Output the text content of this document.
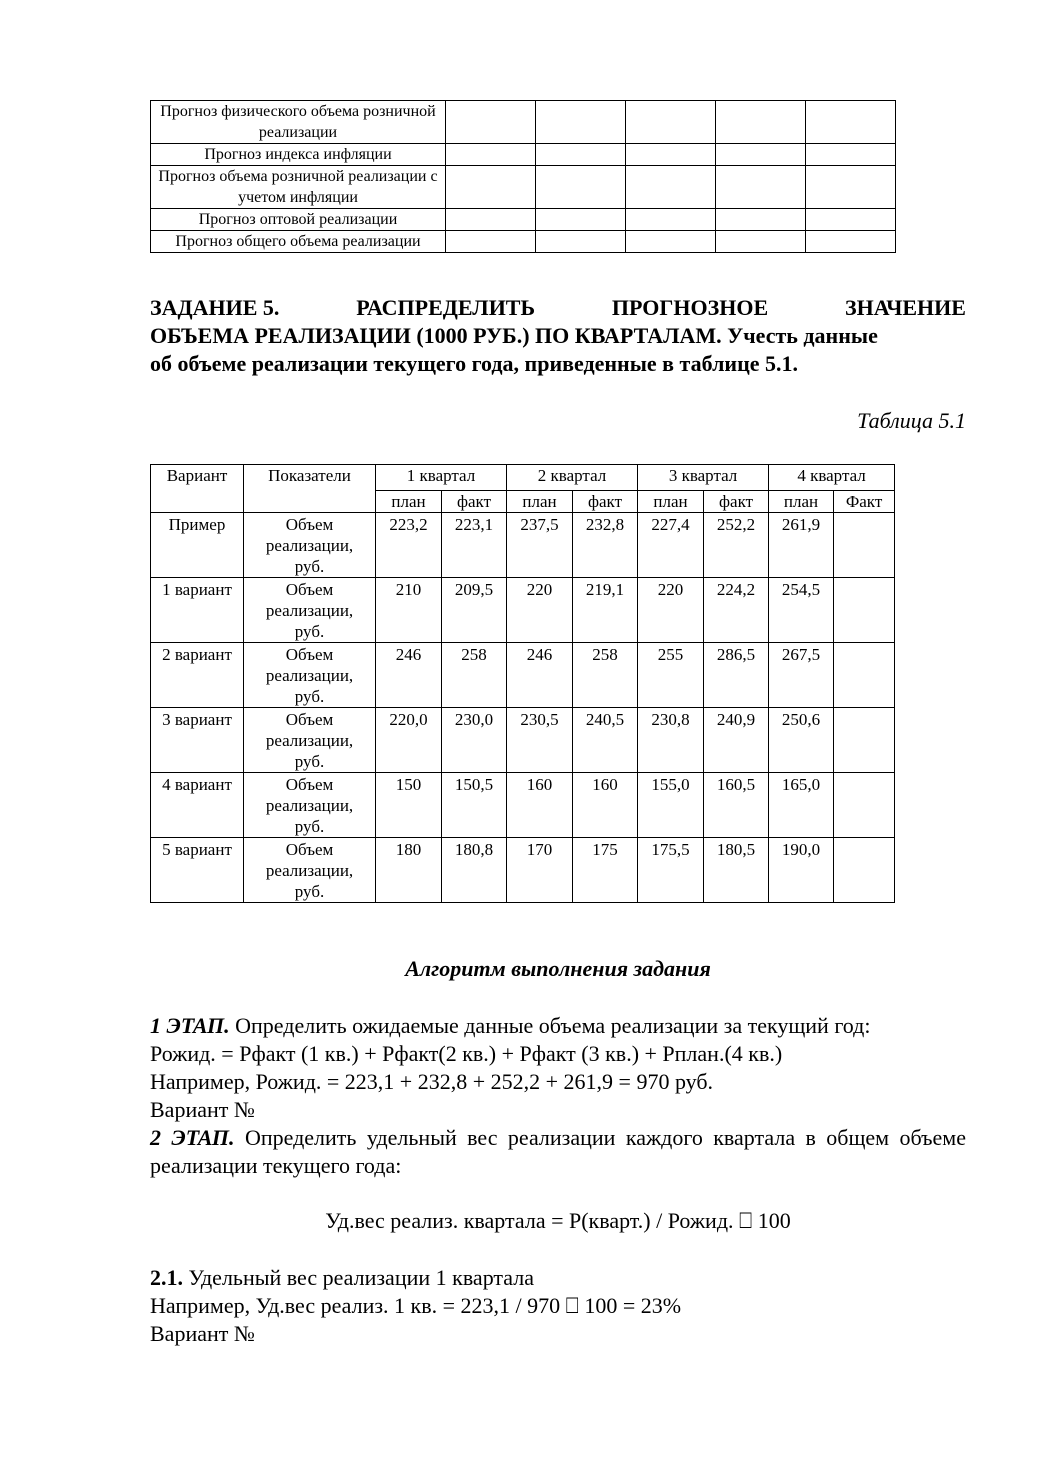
Прогноз физического объема розничной реализации					
Прогноз индекса инфляции					
Прогноз объема розничной реализации с учетом инфляции					
Прогноз оптовой реализации					
Прогноз общего объема реализации					
ЗАДАНИЕ 5.	РАСПРЕДЕЛИТЬ	ПРОГНОЗНОЕ	ЗНАЧЕНИЕ
ОБЪЕМА РЕАЛИЗАЦИИ (1000 РУБ.) ПО КВАРТАЛАМ. Учесть данные
об объеме реализации текущего года, приведенные в таблице 5.1.
Таблица 5.1
Вариант	Показатели	1 квартал		2 квартал		3 квартал		4 квартал	
		план	факт	план	факт	план	факт	план	Факт
Пример	Объем реализации, руб.	223,2	223,1	237,5	232,8	227,4	252,2	261,9	
1 вариант	Объем реализации, руб.	210	209,5	220	219,1	220	224,2	254,5	
2 вариант	Объем реализации, руб.	246	258	246	258	255	286,5	267,5	
3 вариант	Объем реализации, руб.	220,0	230,0	230,5	240,5	230,8	240,9	250,6	
4 вариант	Объем реализации, руб.	150	150,5	160	160	155,0	160,5	165,0	
5 вариант	Объем реализации, руб.	180	180,8	170	175	175,5	180,5	190,0	
Алгоритм выполнения задания
1 ЭТАП. Определить ожидаемые данные объема реализации за текущий год:
Рожид. = Рфакт (1 кв.) + Рфакт(2 кв.) + Рфакт (3 кв.) + Рплан.(4 кв.)
Например, Рожид. = 223,1 + 232,8 + 252,2 + 261,9 = 970 руб.
Вариант №
2 ЭТАП. Определить удельный вес реализации каждого квартала в общем объеме реализации текущего года:
Уд.вес реализ. квартала = Р(кварт.) / Рожид. ⎕ 100
2.1. Удельный вес реализации 1 квартала
Например, Уд.вес реализ. 1 кв. = 223,1 / 970 ⎕ 100 = 23%
Вариант №
